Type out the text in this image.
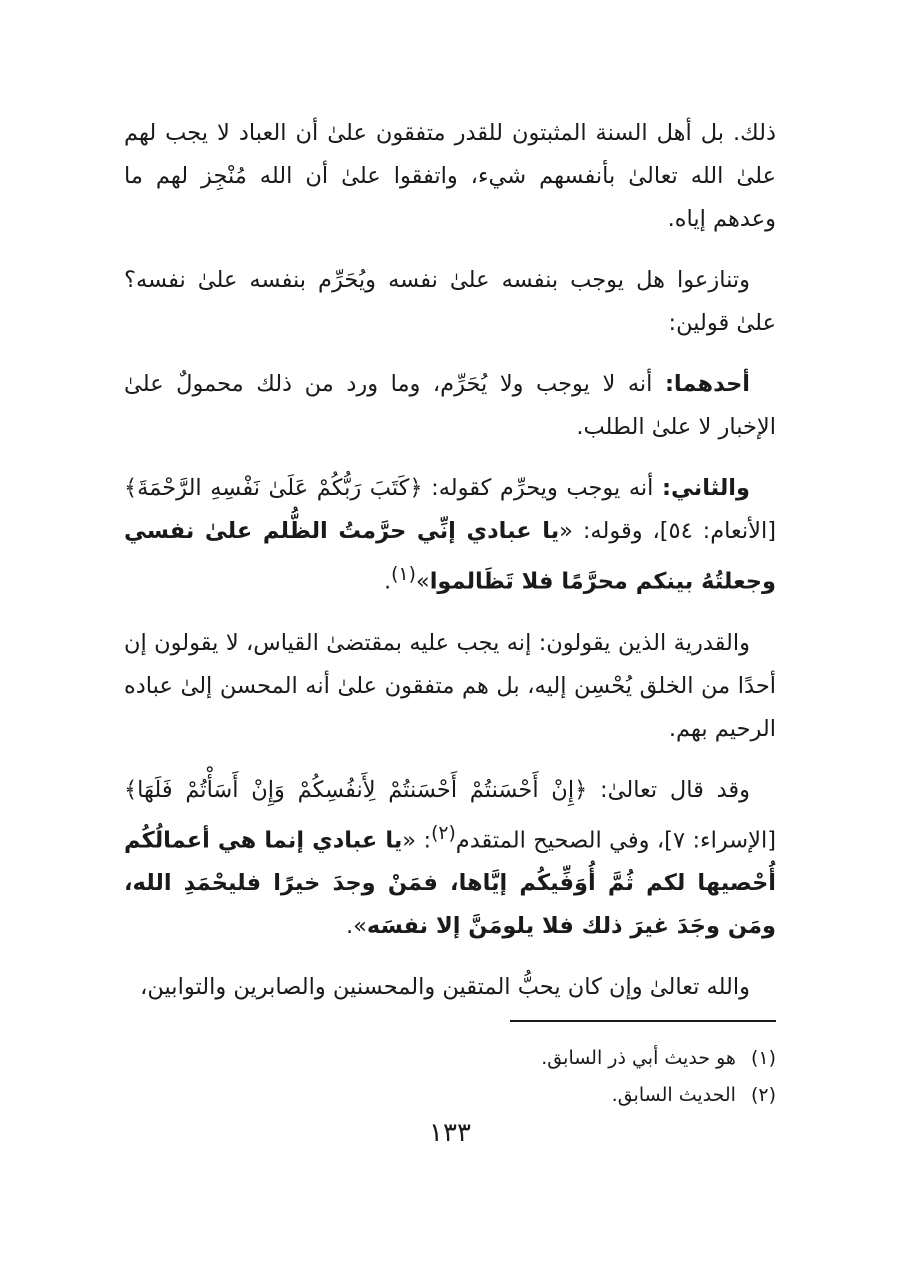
ذلك. بل أهل السنة المثبتون للقدر متفقون علىٰ أن العباد لا يجب لهم علىٰ الله تعالىٰ بأنفسهم شيء، واتفقوا علىٰ أن الله مُنْجِز لهم ما وعدهم إياه.

وتنازعوا هل يوجب بنفسه علىٰ نفسه ويُحَرِّم بنفسه علىٰ نفسه؟ علىٰ قولين:

أحدهما: أنه لا يوجب ولا يُحَرِّم، وما ورد من ذلك محمولٌ علىٰ الإخبار لا علىٰ الطلب.

والثاني: أنه يوجب ويحرِّم كقوله: ﴿كَتَبَ رَبُّكُمْ عَلَىٰ نَفْسِهِ الرَّحْمَةَ﴾ [الأنعام: ٥٤]، وقوله: «يا عبادي إنِّي حرَّمتُ الظُّلم علىٰ نفسي وجعلتُهُ بينكم محرَّمًا فلا تَظَالموا»$^{(١)}$.

والقدرية الذين يقولون: إنه يجب عليه بمقتضىٰ القياس، لا يقولون إن أحدًا من الخلق يُحْسِن إليه، بل هم متفقون علىٰ أنه المحسن إلىٰ عباده الرحيم بهم.

وقد قال تعالىٰ: ﴿إِنْ أَحْسَنتُمْ أَحْسَنتُمْ لِأَنفُسِكُمْ وَإِنْ أَسَأْتُمْ فَلَهَا﴾ [الإسراء: ٧]، وفي الصحيح المتقدم$^{(٢)}$: «يا عبادي إنما هي أعمالُكُم أُحْصيها لكم ثُمَّ أُوَفِّيكُم إيَّاها، فمَنْ وجدَ خيرًا فليحْمَدِ الله، ومَن وجَدَ غيرَ ذلك فلا يلومَنَّ إلا نفسَه».

والله تعالىٰ وإن كان يحبُّ المتقين والمحسنين والصابرين والتوابين،

(١) هو حديث أبي ذر السابق.
(٢) الحديث السابق.
١٣٣
